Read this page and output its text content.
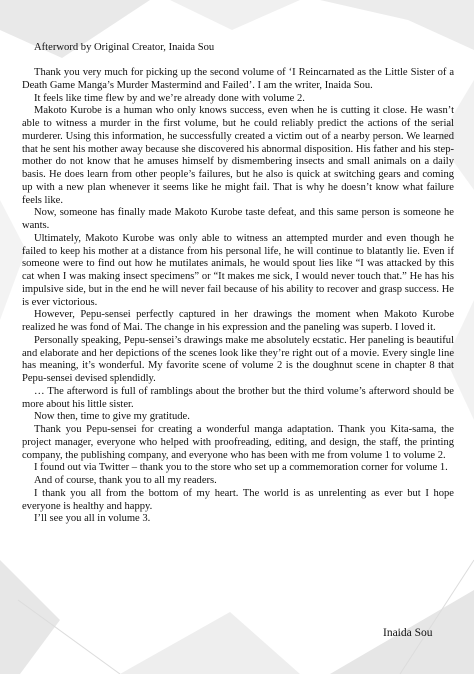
Afterword by Original Creator, Inaida Sou

Thank you very much for picking up the second volume of ‘I Reincarnated as the Little Sister of a Death Game Manga’s Murder Mastermind and Failed’. I am the writer, Inaida Sou.

It feels like time flew by and we’re already done with volume 2.

Makoto Kurobe is a human who only knows success, even when he is cutting it close. He wasn’t able to witness a murder in the first volume, but he could reliably predict the actions of the serial murderer. Using this information, he successfully created a victim out of a nearby person. We learned that he sent his mother away because she discovered his abnormal disposition. His father and his step-mother do not know that he amuses himself by dismembering insects and small animals on a daily basis. He does learn from other people’s failures, but he also is quick at switching gears and coming up with a new plan whenever it seems like he might fail. That is why he doesn’t know what failure feels like.

Now, someone has finally made Makoto Kurobe taste defeat, and this same person is someone he wants.

Ultimately, Makoto Kurobe was only able to witness an attempted murder and even though he failed to keep his mother at a distance from his personal life, he will continue to blatantly lie. Even if someone were to find out how he mutilates animals, he would spout lies like “I was attacked by this cat when I was making insect specimens” or “It makes me sick, I would never touch that.” He has his impulsive side, but in the end he will never fail because of his ability to recover and grasp success. He is ever victorious.

However, Pepu-sensei perfectly captured in her drawings the moment when Makoto Kurobe realized he was fond of Mai. The change in his expression and the paneling was superb. I loved it.

Personally speaking, Pepu-sensei’s drawings make me absolutely ecstatic. Her paneling is beautiful and elaborate and her depictions of the scenes look like they’re right out of a movie. Every single line has meaning, it’s wonderful. My favorite scene of volume 2 is the doughnut scene in chapter 8 that Pepu-sensei devised splendidly.

… The afterword is full of ramblings about the brother but the third volume’s afterword should be more about his little sister.

Now then, time to give my gratitude.

Thank you Pepu-sensei for creating a wonderful manga adaptation. Thank you Kita-sama, the project manager, everyone who helped with proofreading, editing, and design, the staff, the printing company, the publishing company, and everyone who has been with me from volume 1 to volume 2.

I found out via Twitter – thank you to the store who set up a commemoration corner for volume 1.

And of course, thank you to all my readers.

I thank you all from the bottom of my heart. The world is as unrelenting as ever but I hope everyone is healthy and happy.

I’ll see you all in volume 3.

Inaida Sou
